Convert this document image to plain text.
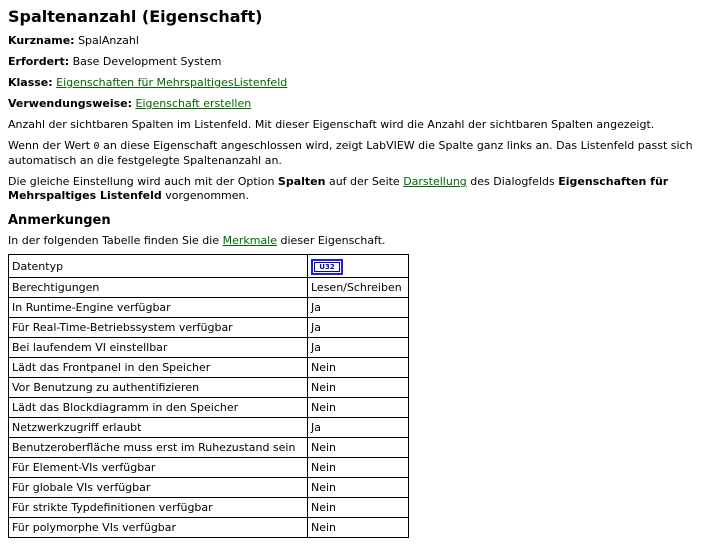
Spaltenanzahl (Eigenschaft)
Kurzname: SpalAnzahl
Erfordert: Base Development System
Klasse: Eigenschaften für MehrspaltigesListenfeld
Verwendungsweise: Eigenschaft erstellen

Anzahl der sichtbaren Spalten im Listenfeld. Mit dieser Eigenschaft wird die Anzahl der sichtbaren Spalten angezeigt.

Wenn der Wert 0 an diese Eigenschaft angeschlossen wird, zeigt LabVIEW die Spalte ganz links an. Das Listenfeld passt sich
automatisch an die festgelegte Spaltenanzahl an.

Die gleiche Einstellung wird auch mit der Option Spalten auf der Seite Darstellung des Dialogfelds Eigenschaften für
Mehrspaltiges Listenfeld vorgenommen.

Anmerkungen

In der folgenden Tabelle finden Sie die Merkmale dieser Eigenschaft.

Datentyp	U32
Berechtigungen	Lesen/Schreiben
In Runtime-Engine verfügbar	Ja
Für Real-Time-Betriebssystem verfügbar	Ja
Bei laufendem VI einstellbar	Ja
Lädt das Frontpanel in den Speicher	Nein
Vor Benutzung zu authentifizieren	Nein
Lädt das Blockdiagramm in den Speicher	Nein
Netzwerkzugriff erlaubt	Ja
Benutzeroberfläche muss erst im Ruhezustand sein	Nein
Für Element-VIs verfügbar	Nein
Für globale VIs verfügbar	Nein
Für strikte Typdefinitionen verfügbar	Nein
Für polymorphe VIs verfügbar	Nein
